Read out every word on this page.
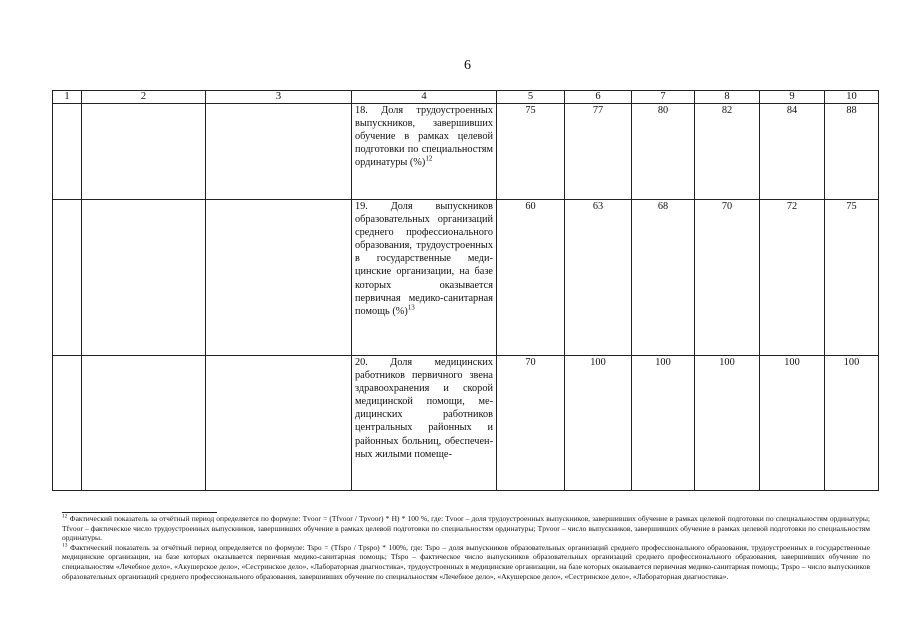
6
1	2	3	4	5	6	7	8	9	10
			18. Доля трудоустроенных выпускников, завершивших обучение в рамках целевой подготовки по специальностям ординатуры (%)$^{12}$	75	77	80	82	84	88
			19. Доля выпускников образовательных организаций среднего профессионального образования, трудоустроенных в государственные медицинские организации, на базе которых оказывается первичная медико-санитарная помощь (%)$^{13}$	60	63	68	70	72	75
			20. Доля медицинских работников первичного звена здравоохранения и скорой медицинской помощи, медицинских работников центральных районных и районных больниц, обеспеченных жилыми помеще-	70	100	100	100	100	100

$^{12}$ Фактический показатель за отчётный период определяется по формуле: Tvoor = (Tfvoor / Tpvoor) * H) * 100 %, где: Tvoor – доля трудоустроенных выпускников, завершивших обучение в рамках целевой подготовки по специальностям ординатуры; Tfvoor – фактическое число трудоустроенных выпускников, завершивших обучение в рамках целевой подготовки по специальностям ординатуры; Tpvoor – число выпускников, завершивших обучение в рамках целевой подготовки по специальностям ординатуры.

$^{13}$ Фактический показатель за отчётный период определяется по формуле: Tspo = (Tfspo / Tpspo) * 100%, где: Tspo – доля выпускников образовательных организаций среднего профессионального образования, трудоустроенных в государственные медицинские организации, на базе которых оказывается первичная медико-санитарная помощь; Tfspo – фактическое число выпускников образовательных организаций среднего профессионального образования, завершивших обучение по специальностям «Лечебное дело», «Акушерское дело», «Сестринское дело», «Лабораторная диагностика», трудоустроенных в медицинские организации, на базе которых оказывается первичная медико-санитарная помощь; Tpspo – число выпускников образовательных организаций среднего профессионального образования, завершивших обучение по специальностям «Лечебное дело», «Акушерское дело», «Сестринское дело», «Лабораторная диагностика».
